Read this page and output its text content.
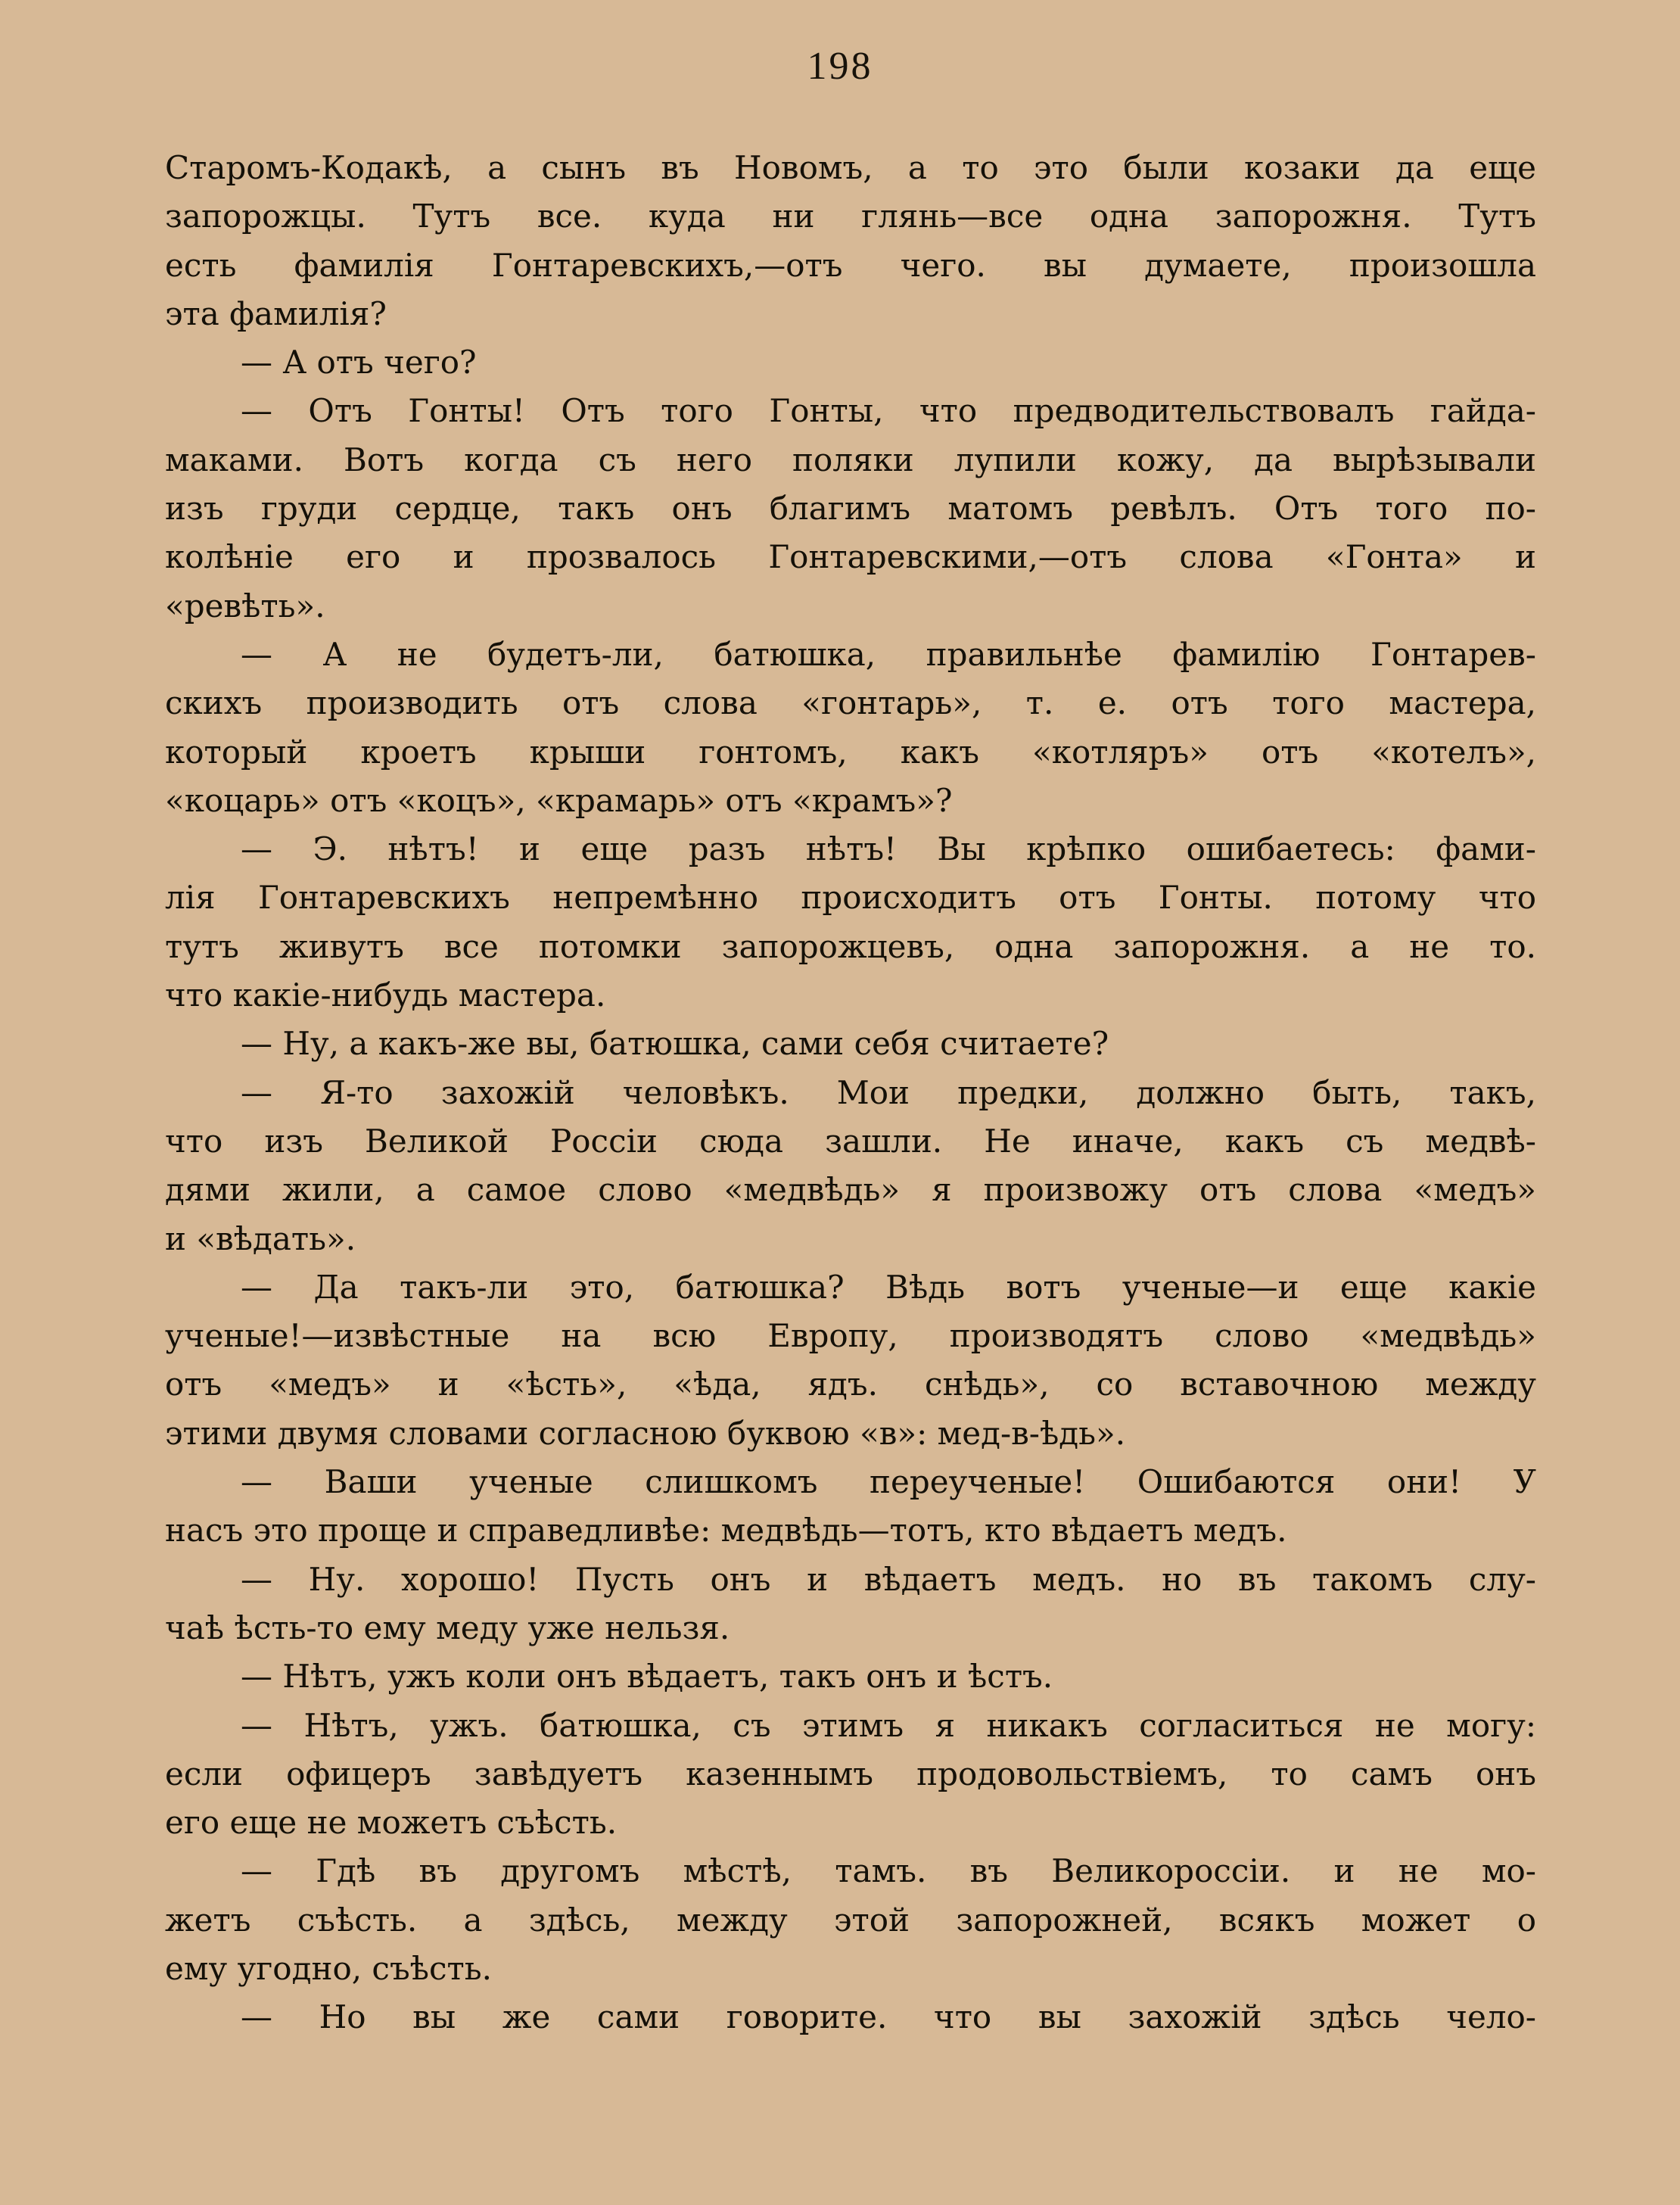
198
Старомъ-Кодакѣ, а сынъ въ Новомъ, а то это были козаки да еще
запорожцы. Тутъ все. куда ни глянь—все одна запорожня. Тутъ
есть фамилія Гонтаревскихъ,—отъ чего. вы думаете, произошла
эта фамилія?
— А отъ чего?
— Отъ Гонты! Отъ того Гонты, что предводительствовалъ гайда-
маками. Вотъ когда съ него поляки лупили кожу, да вырѣзывали
изъ груди сердце, такъ онъ благимъ матомъ ревѣлъ. Отъ того по-
колѣніе его и прозвалось Гонтаревскими,—отъ слова «Гонта» и
«ревѣть».
— А не будетъ-ли, батюшка, правильнѣе фамилію Гонтарев-
скихъ производить отъ слова «гонтарь», т. е. отъ того мастера,
который кроетъ крыши гонтомъ, какъ «котляръ» отъ «котелъ»,
«коцарь» отъ «коцъ», «крамарь» отъ «крамъ»?
— Э. нѣтъ! и еще разъ нѣтъ! Вы крѣпко ошибаетесь: фами-
лія Гонтаревскихъ непремѣнно происходитъ отъ Гонты. потому что
тутъ живутъ все потомки запорожцевъ, одна запорожня. а не то.
что какіе-нибудь мастера.
— Ну, а какъ-же вы, батюшка, сами себя считаете?
— Я-то захожій человѣкъ. Мои предки, должно быть, такъ,
что изъ Великой Россіи сюда зашли. Не иначе, какъ съ медвѣ-
дями жили, а самое слово «медвѣдь» я произвожу отъ слова «медъ»
и «вѣдать».
— Да такъ-ли это, батюшка? Вѣдь вотъ ученые—и еще какіе
ученые!—извѣстные на всю Европу, производятъ слово «медвѣдь»
отъ «медъ» и «ѣсть», «ѣда, ядъ. снѣдь», со вставочною между
этими двумя словами согласною буквою «в»: мед-в-ѣдь».
— Ваши ученые слишкомъ переученые! Ошибаются они! У
насъ это проще и справедливѣе: медвѣдь—тотъ, кто вѣдаетъ медъ.
— Ну. хорошо! Пусть онъ и вѣдаетъ медъ. но въ такомъ слу-
чаѣ ѣсть-то ему меду уже нельзя.
— Нѣтъ, ужъ коли онъ вѣдаетъ, такъ онъ и ѣстъ.
— Нѣтъ, ужъ. батюшка, съ этимъ я никакъ согласиться не могу:
если офицеръ завѣдуетъ казеннымъ продовольствіемъ, то самъ онъ
его еще не можетъ съѣсть.
— Гдѣ въ другомъ мѣстѣ, тамъ. въ Великороссіи. и не мо-
жетъ съѣсть. а здѣсь, между этой запорожней, всякъ может о
ему угодно, съѣсть.
— Но вы же сами говорите. что вы захожій здѣсь чело-
